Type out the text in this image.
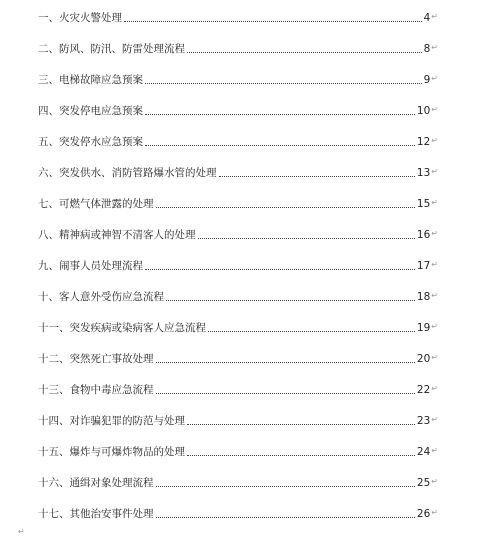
一、火灾火警处理	4 ↵
二、防风、防汛、防雷处理流程	8 ↵
三、电梯故障应急预案	9 ↵
四、突发停电应急预案	10 ↵
五、突发停水应急预案	12 ↵
六、突发供水、消防管路爆水管的处理	13 ↵
七、可燃气体泄露的处理	15 ↵
八、精神病或神智不清客人的处理	16 ↵
九、闹事人员处理流程	17 ↵
十、客人意外受伤应急流程	18 ↵
十一、突发疾病或染病客人应急流程	19 ↵
十二、突然死亡事故处理	20 ↵
十三、食物中毒应急流程	22 ↵
十四、对诈骗犯罪的防范与处理	23 ↵
十五、爆炸与可爆炸物品的处理	24 ↵
十六、通缉对象处理流程	25 ↵
十七、其他治安事件处理	26 ↵
↵
